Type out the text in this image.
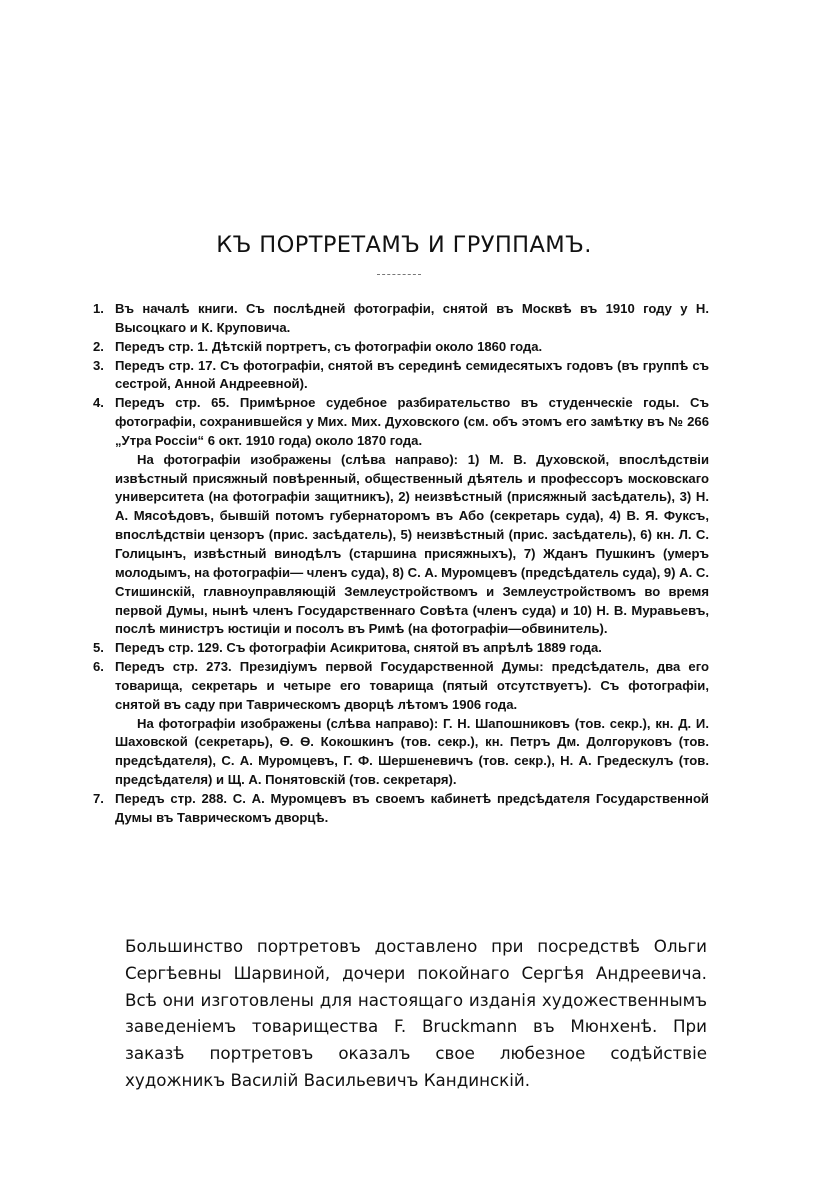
КЪ ПОРТРЕТАМЪ И ГРУППАМЪ.
1. Въ началѣ книги. Съ послѣдней фотографіи, снятой въ Москвѣ въ 1910 году у Н. Высоцкаго и К. Круповича.

2. Передъ стр. 1. Дѣтскій портретъ, съ фотографіи около 1860 года.

3. Передъ стр. 17. Съ фотографіи, снятой въ серединѣ семидесятыхъ годовъ (въ группѣ съ сестрой, Анной Андреевной).

4. Передъ стр. 65. Примѣрное судебное разбирательство въ студенческіе годы. Съ фотографіи, сохранившейся у Мих. Мих. Духовского (см. объ этомъ его замѣтку въ № 266 „Утра Россіи“ 6 окт. 1910 года) около 1870 года.

На фотографіи изображены (слѣва направо): 1) М. В. Духовской, впослѣдствіи извѣстный присяжный повѣренный, общественный дѣятель и профессоръ московскаго университета (на фотографіи защитникъ), 2) неизвѣстный (присяжный засѣдатель), 3) Н. А. Мясоѣдовъ, бывшій потомъ губернаторомъ въ Або (секретарь суда), 4) В. Я. Фуксъ, впослѣдствіи цензоръ (прис. засѣдатель), 5) неизвѣстный (прис. засѣдатель), 6) кн. Л. С. Голицынъ, извѣстный винодѣлъ (старшина присяжныхъ), 7) Жданъ Пушкинъ (умеръ молодымъ, на фотографіи— членъ суда), 8) С. А. Муромцевъ (предсѣдатель суда), 9) А. С. Стишинскій, главноуправляющій Землеустройствомъ и Землеустройствомъ во время первой Думы, нынѣ членъ Государственнаго Совѣта (членъ суда) и 10) Н. В. Муравьевъ, послѣ министръ юстиціи и посолъ въ Римѣ (на фотографіи—обвинитель).

5. Передъ стр. 129. Съ фотографіи Асикритова, снятой въ апрѣлѣ 1889 года.

6. Передъ стр. 273. Президіумъ первой Государственной Думы: предсѣдатель, два его товарища, секретарь и четыре его товарища (пятый отсутствуетъ). Съ фотографіи, снятой въ саду при Таврическомъ дворцѣ лѣтомъ 1906 года.

На фотографіи изображены (слѣва направо): Г. Н. Шапошниковъ (тов. секр.), кн. Д. И. Шаховской (секретарь), Ѳ. Ѳ. Кокошкинъ (тов. секр.), кн. Петръ Дм. Долгоруковъ (тов. предсѣдателя), С. А. Муромцевъ, Г. Ф. Шершеневичъ (тов. секр.), Н. А. Гредескулъ (тов. предсѣдателя) и Щ. А. Понятовскій (тов. секретаря).

7. Передъ стр. 288. С. А. Муромцевъ въ своемъ кабинетѣ предсѣдателя Государственной Думы въ Таврическомъ дворцѣ.

Большинство портретовъ доставлено при посредствѣ Ольги Сергѣевны Шарвиной, дочери покойнаго Сергѣя Андреевича. Всѣ они изготовлены для настоящаго изданія художественнымъ заведеніемъ товарищества F. Bruckmann въ Мюнхенѣ. При заказѣ портретовъ оказалъ свое любезное содѣйствіе художникъ Василій Васильевичъ Кандинскій.
